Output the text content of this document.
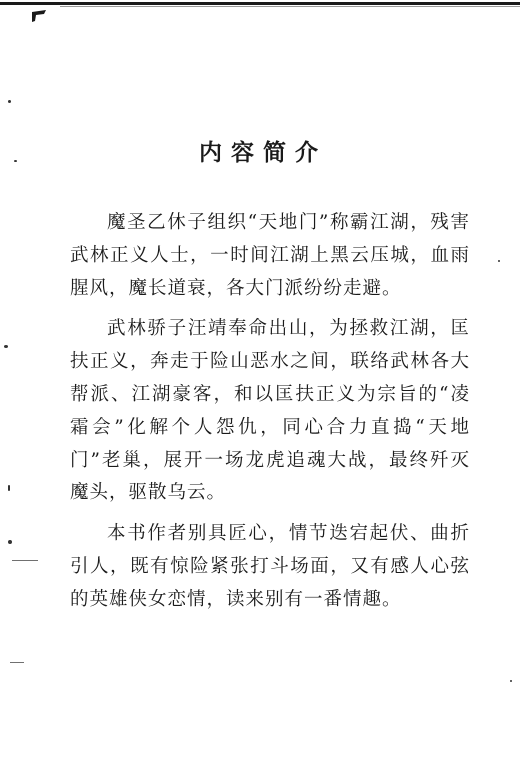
内容简介

魔圣乙休子组织“天地门”称霸江湖，残害武林正义人士，一时间江湖上黑云压城，血雨腥风，魔长道衰，各大门派纷纷走避。

武林骄子汪靖奉命出山，为拯救江湖，匡扶正义，奔走于险山恶水之间，联络武林各大帮派、江湖豪客，和以匡扶正义为宗旨的“凌霜会”化解个人怨仇，同心合力直捣“天地门”老巢，展开一场龙虎追魂大战，最终歼灭魔头，驱散乌云。

本书作者别具匠心，情节迭宕起伏、曲折引人，既有惊险紧张打斗场面，又有感人心弦的英雄侠女恋情，读来别有一番情趣。
